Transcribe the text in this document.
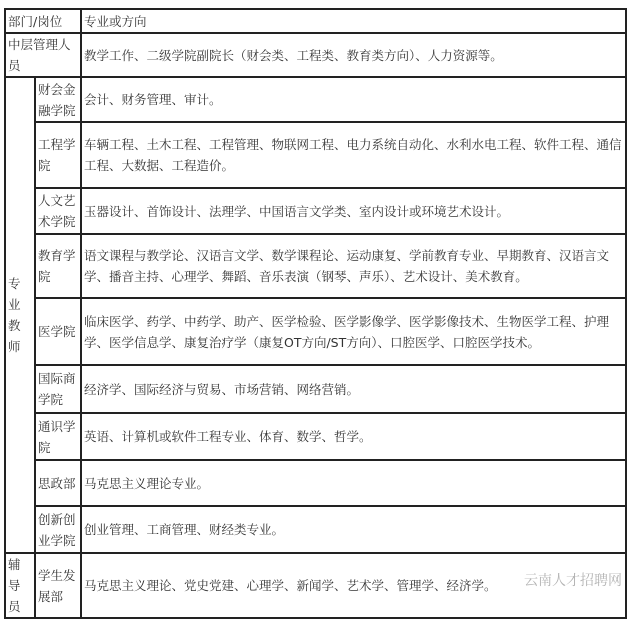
部门/岗位		专业或方向
中层管理人员		教学工作、二级学院副院长（财会类、工程类、教育类方向）、人力资源等。
专业教师	财会金融学院	会计、财务管理、审计。
	工程学院	车辆工程、土木工程、工程管理、物联网工程、电力系统自动化、水利水电工程、软件工程、通信工程、大数据、工程造价。
	人文艺术学院	玉器设计、首饰设计、法理学、中国语言文学类、室内设计或环境艺术设计。
	教育学院	语文课程与教学论、汉语言文学、数学课程论、运动康复、学前教育专业、早期教育、汉语言文学、播音主持、心理学、舞蹈、音乐表演（钢琴、声乐）、艺术设计、美术教育。
	医学院	临床医学、药学、中药学、助产、医学检验、医学影像学、医学影像技术、生物医学工程、护理学、医学信息学、康复治疗学（康复OT方向/ST方向）、口腔医学、口腔医学技术。
	国际商学院	经济学、国际经济与贸易、市场营销、网络营销。
	通识学院	英语、计算机或软件工程专业、体育、数学、哲学。
	思政部	马克思主义理论专业。
	创新创业学院	创业管理、工商管理、财经类专业。
辅导员	学生发展部	马克思主义理论、党史党建、心理学、新闻学、艺术学、管理学、经济学。 云南人才招聘网
